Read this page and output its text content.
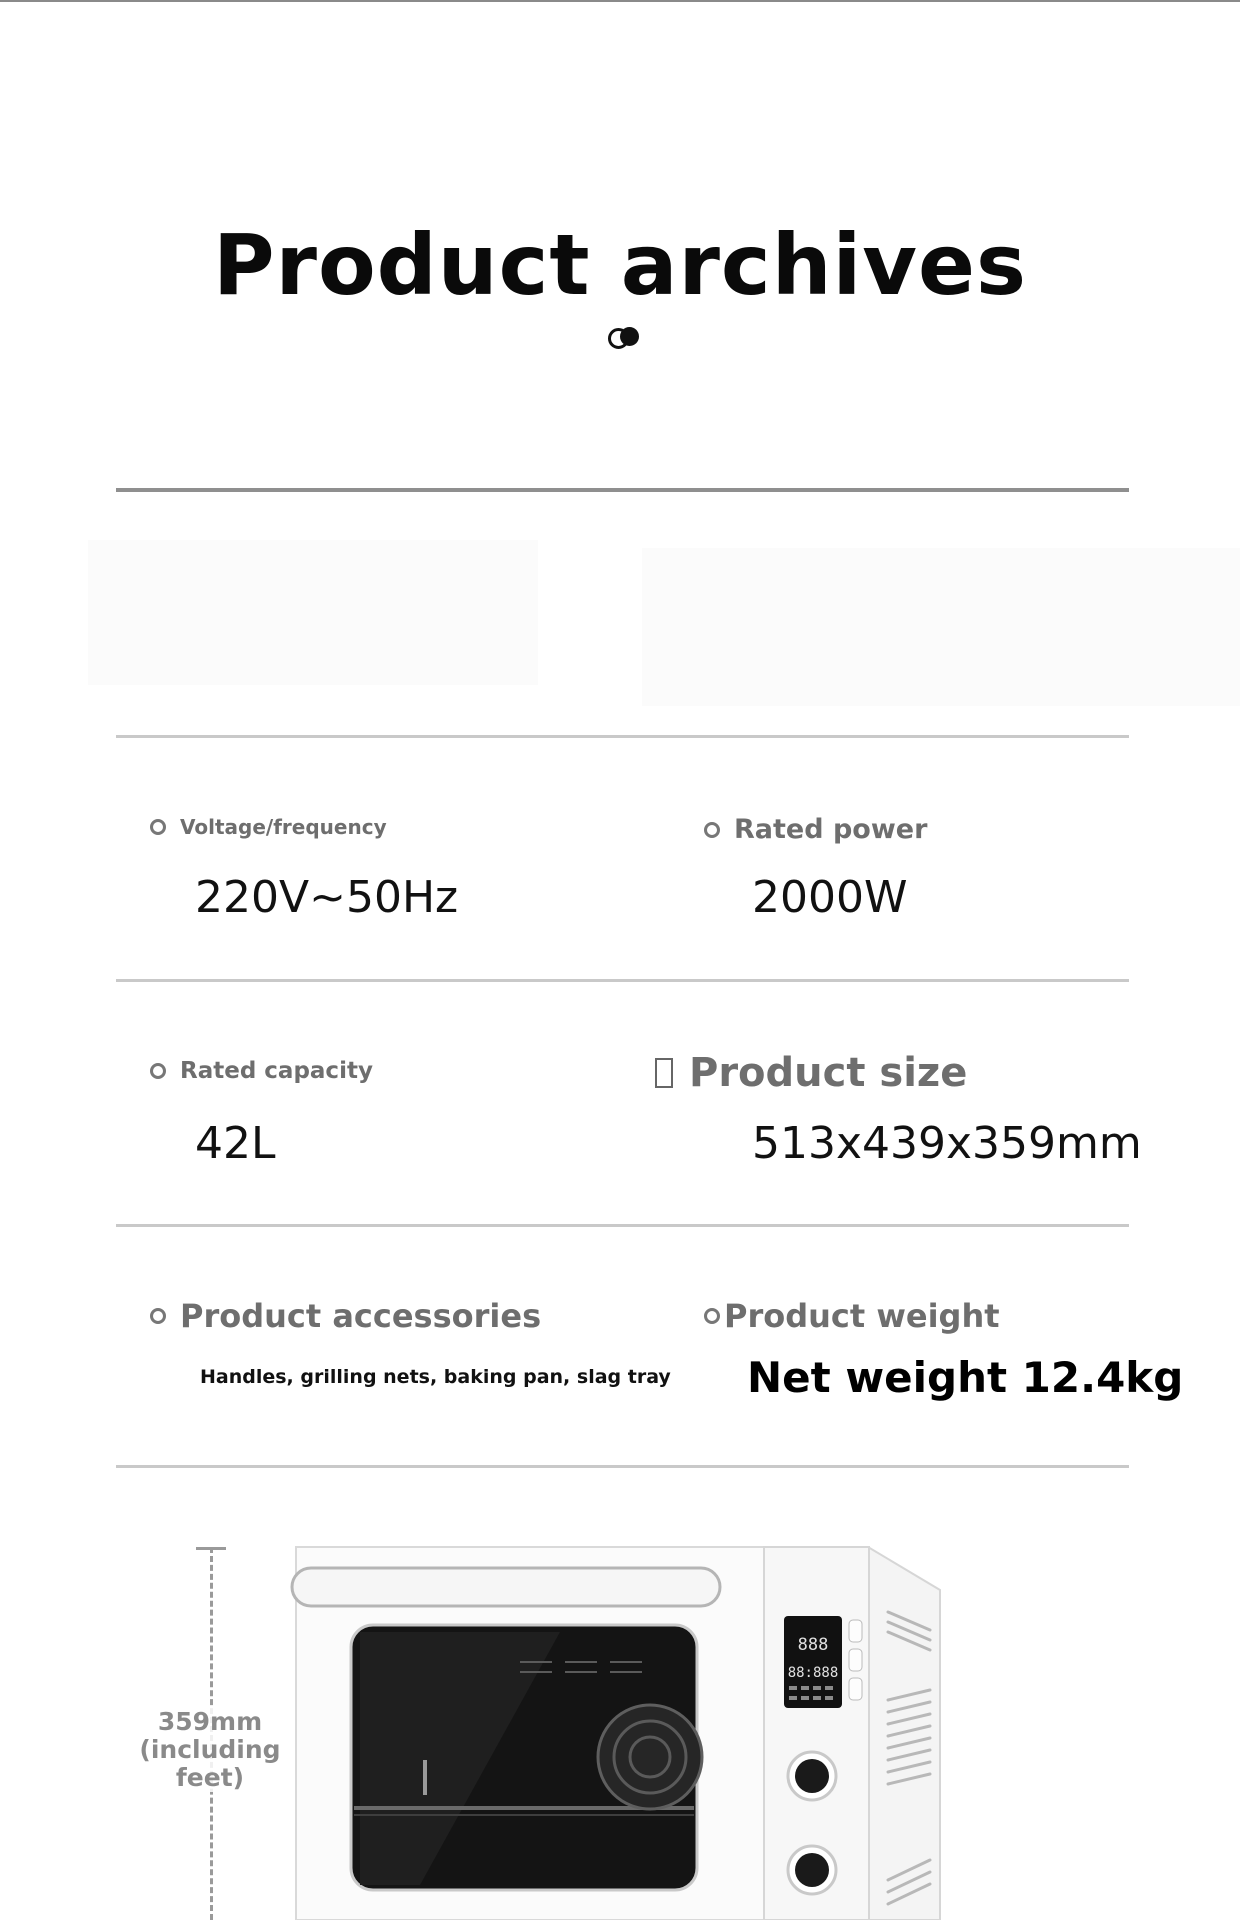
Product archives
Voltage/frequency
220V~50Hz
Rated power
2000W
Rated capacity
42L
Product size
513x439x359mm
Product accessories
Handles, grilling nets, baking pan, slag tray
Product weight
Net weight 12.4kg
888
88:888
359mm
(including
feet)
